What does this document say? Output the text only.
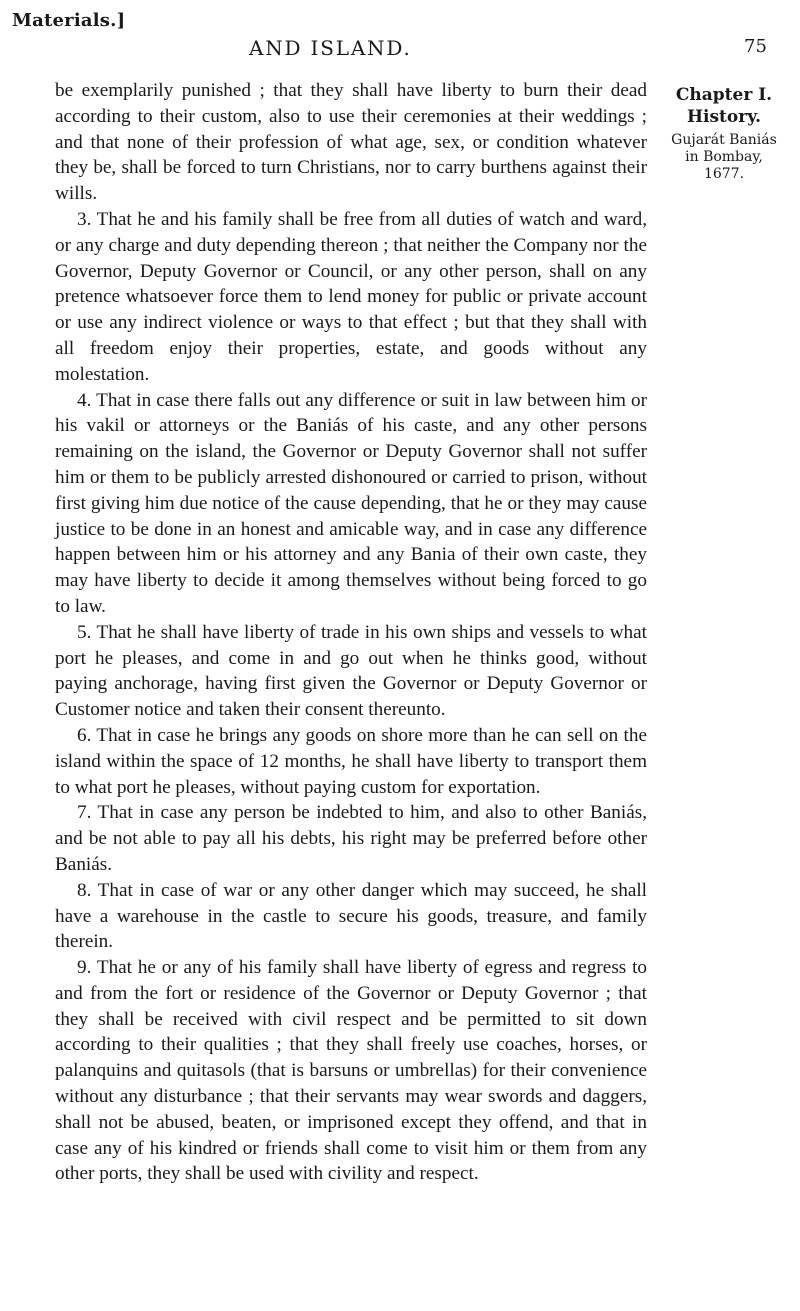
Materials.]
AND ISLAND.	75
Chapter I.
History.
Gujarát Baniás
in Bombay,
1677.

be exemplarily punished ; that they shall have liberty to burn their dead according to their custom, also to use their ceremonies at their weddings ; and that none of their profession of what age, sex, or condition whatever they be, shall be forced to turn Christians, nor to carry burthens against their wills.

3. That he and his family shall be free from all duties of watch and ward, or any charge and duty depending thereon ; that neither the Company nor the Governor, Deputy Governor or Council, or any other person, shall on any pretence whatsoever force them to lend money for public or private account or use any indirect violence or ways to that effect ; but that they shall with all freedom enjoy their properties, estate, and goods without any molestation.

4. That in case there falls out any difference or suit in law between him or his vakil or attorneys or the Baniás of his caste, and any other persons remaining on the island, the Governor or Deputy Governor shall not suffer him or them to be publicly arrested dishonoured or carried to prison, without first giving him due notice of the cause depending, that he or they may cause justice to be done in an honest and amicable way, and in case any difference happen between him or his attorney and any Bania of their own caste, they may have liberty to decide it among themselves without being forced to go to law.

5. That he shall have liberty of trade in his own ships and vessels to what port he pleases, and come in and go out when he thinks good, without paying anchorage, having first given the Governor or Deputy Governor or Customer notice and taken their consent thereunto.

6. That in case he brings any goods on shore more than he can sell on the island within the space of 12 months, he shall have liberty to transport them to what port he pleases, without paying custom for exportation.

7. That in case any person be indebted to him, and also to other Baniás, and be not able to pay all his debts, his right may be preferred before other Baniás.

8. That in case of war or any other danger which may succeed, he shall have a warehouse in the castle to secure his goods, treasure, and family therein.

9. That he or any of his family shall have liberty of egress and regress to and from the fort or residence of the Governor or Deputy Governor ; that they shall be received with civil respect and be permitted to sit down according to their qualities ; that they shall freely use coaches, horses, or palanquins and quitasols (that is barsuns or umbrellas) for their convenience without any disturbance ; that their servants may wear swords and daggers, shall not be abused, beaten, or imprisoned except they offend, and that in case any of his kindred or friends shall come to visit him or them from any other ports, they shall be used with civility and respect.
